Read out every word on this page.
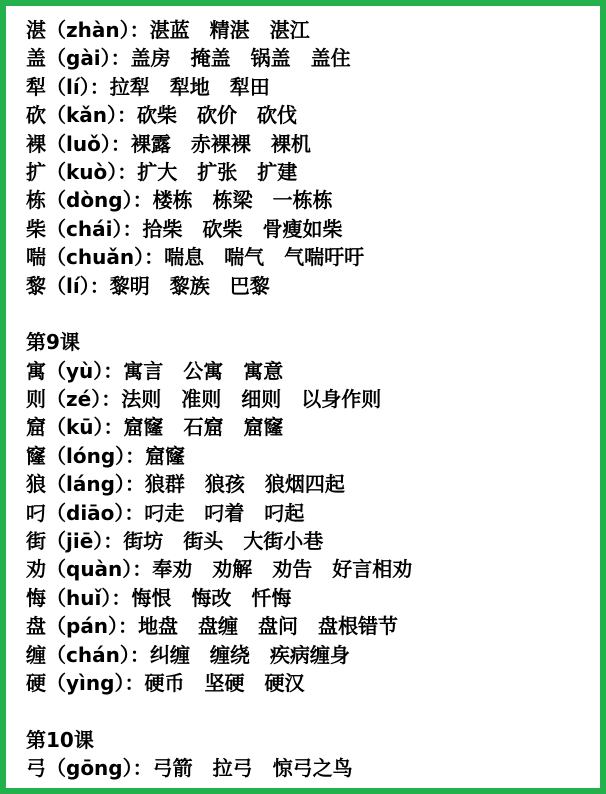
湛（zhàn）：湛蓝　精湛　湛江
盖（gài）：盖房　掩盖　锅盖　盖住
犁（lí）：拉犁　犁地　犁田
砍（kǎn）：砍柴　砍价　砍伐
裸（luǒ）：裸露　赤裸裸　裸机
扩（kuò）：扩大　扩张　扩建
栋（dòng）：楼栋　栋梁　一栋栋
柴（chái）：拾柴　砍柴　骨瘦如柴
喘（chuǎn）：喘息　喘气　气喘吁吁
黎（lí）：黎明　黎族　巴黎
第9课
寓（yù）：寓言　公寓　寓意
则（zé）：法则　准则　细则　以身作则
窟（kū）：窟窿　石窟　窟窿
窿（lóng）：窟窿
狼（láng）：狼群　狼孩　狼烟四起
叼（diāo）：叼走　叼着　叼起
街（jiē）：街坊　街头　大街小巷
劝（quàn）：奉劝　劝解　劝告　好言相劝
悔（huǐ）：悔恨　悔改　忏悔
盘（pán）：地盘　盘缠　盘问　盘根错节
缠（chán）：纠缠　缠绕　疾病缠身
硬（yìng）：硬币　坚硬　硬汉
第10课
弓（gōng）：弓箭　拉弓　惊弓之鸟
